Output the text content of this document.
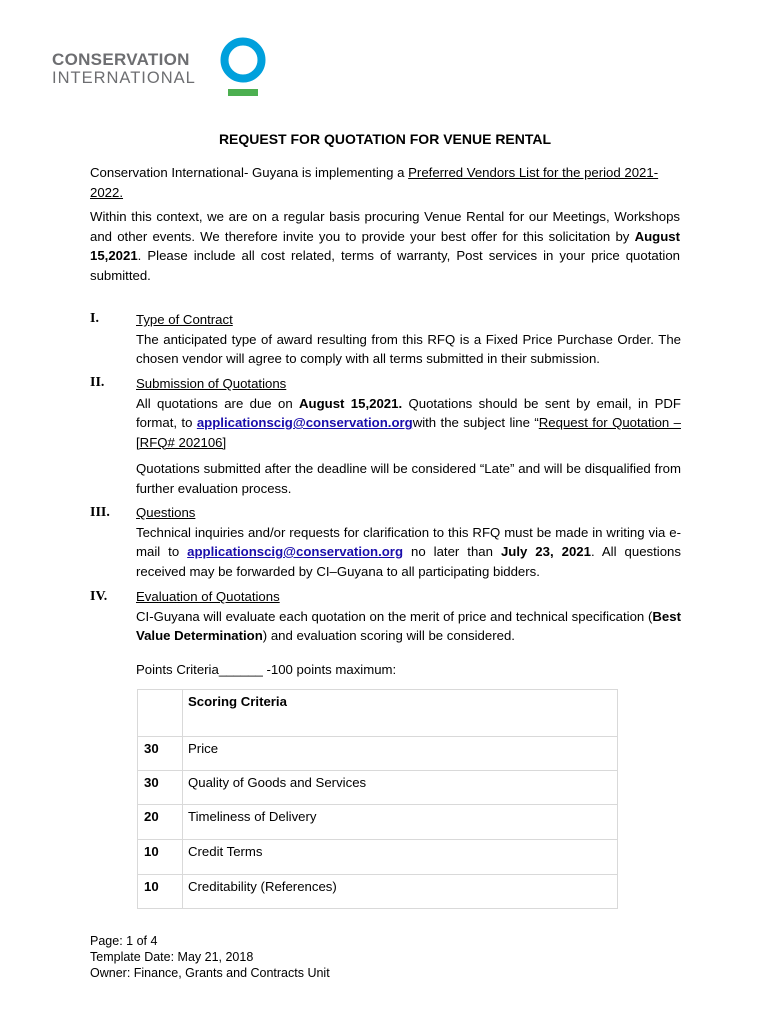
CONSERVATION
INTERNATIONAL
REQUEST FOR QUOTATION FOR VENUE RENTAL
Conservation International- Guyana is implementing a Preferred Vendors List for the period 2021-2022.
Within this context, we are on a regular basis procuring Venue Rental for our Meetings, Workshops and other events. We therefore invite you to provide your best offer for this solicitation by August 15,2021. Please include all cost related, terms of warranty, Post services in your price quotation submitted.
I.	Type of Contract

The anticipated type of award resulting from this RFQ is a Fixed Price Purchase Order. The chosen vendor will agree to comply with all terms submitted in their submission.

II. Submission of Quotations

All quotations are due on August 15,2021. Quotations should be sent by email, in PDF format, to applicationscig@conservation.orgwith the subject line “Request for Quotation – [RFQ# 202106]

Quotations submitted after the deadline will be considered “Late” and will be disqualified from further evaluation process.

III. Questions

Technical inquiries and/or requests for clarification to this RFQ must be made in writing via e-mail to applicationscig@conservation.org no later than July 23, 2021. All questions received may be forwarded by CI–Guyana to all participating bidders.

IV. Evaluation of Quotations

CI-Guyana will evaluate each quotation on the merit of price and technical specification (Best Value Determination) and evaluation scoring will be considered.

Points Criteria______ -100 points maximum:

	Scoring Criteria

30	Price

30	Quality of Goods and Services

20	Timeliness of Delivery

10	Credit Terms

10	Creditability (References)
Page: 1 of 4
Template Date: May 21, 2018
Owner: Finance, Grants and Contracts Unit
